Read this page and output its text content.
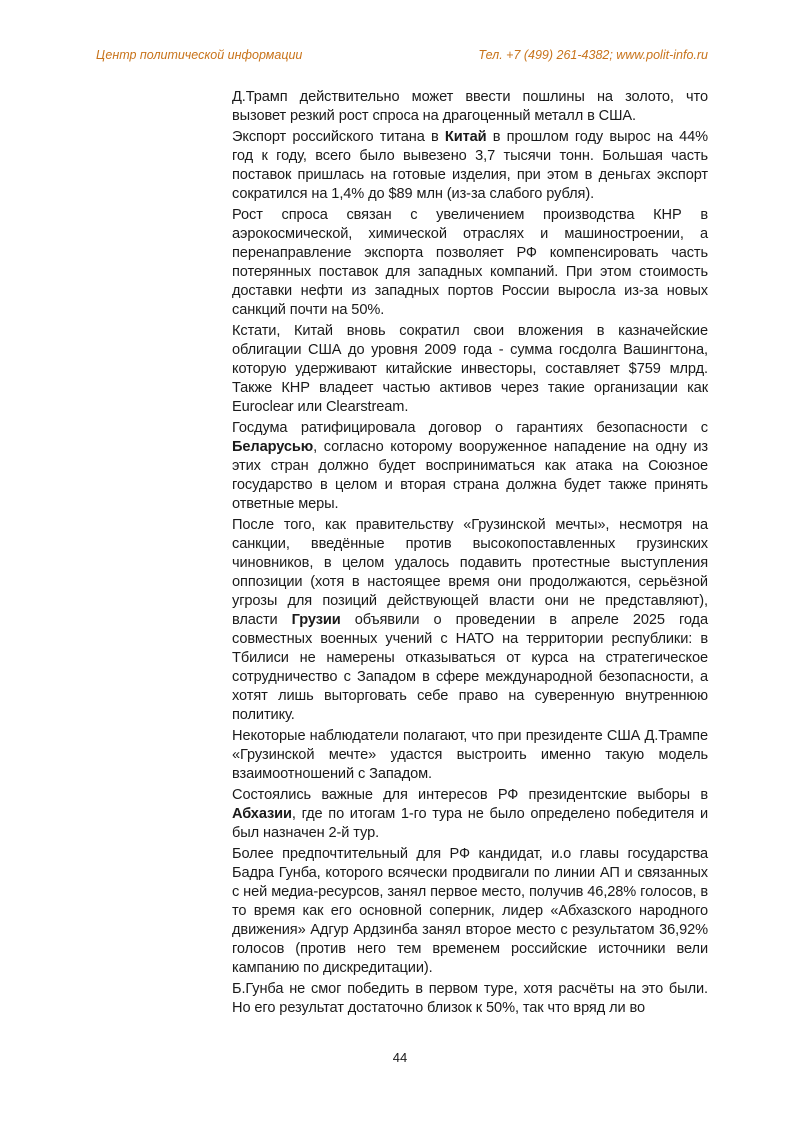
Центр политической информации	Тел. +7 (499) 261-4382; www.polit-info.ru

Д.Трамп действительно может ввести пошлины на золото, что вызовет резкий рост спроса на драгоценный металл в США.

Экспорт российского титана в Китай в прошлом году вырос на 44% год к году, всего было вывезено 3,7 тысячи тонн. Большая часть поставок пришлась на готовые изделия, при этом в деньгах экспорт сократился на 1,4% до $89 млн (из-за слабого рубля).

Рост спроса связан с увеличением производства КНР в аэрокосмической, химической отраслях и машиностроении, а перенаправление экспорта позволяет РФ компенсировать часть потерянных поставок для западных компаний. При этом стоимость доставки нефти из западных портов России выросла из-за новых санкций почти на 50%.

Кстати, Китай вновь сократил свои вложения в казначейские облигации США до уровня 2009 года - сумма госдолга Вашингтона, которую удерживают китайские инвесторы, составляет $759 млрд. Также КНР владеет частью активов через такие организации как Euroclear или Clearstream.

Госдума ратифицировала договор о гарантиях безопасности с Беларусью, согласно которому вооруженное нападение на одну из этих стран должно будет восприниматься как атака на Союзное государство в целом и вторая страна должна будет также принять ответные меры.

После того, как правительству «Грузинской мечты», несмотря на санкции, введённые против высокопоставленных грузинских чиновников, в целом удалось подавить протестные выступления оппозиции (хотя в настоящее время они продолжаются, серьёзной угрозы для позиций действующей власти они не представляют), власти Грузии объявили о проведении в апреле 2025 года совместных военных учений с НАТО на территории республики: в Тбилиси не намерены отказываться от курса на стратегическое сотрудничество с Западом в сфере международной безопасности, а хотят лишь выторговать себе право на суверенную внутреннюю политику.

Некоторые наблюдатели полагают, что при президенте США Д.Трампе «Грузинской мечте» удастся выстроить именно такую модель взаимоотношений с Западом.

Состоялись важные для интересов РФ президентские выборы в Абхазии, где по итогам 1-го тура не было определено победителя и был назначен 2-й тур.

Более предпочтительный для РФ кандидат, и.о главы государства Бадра Гунба, которого всячески продвигали по линии АП и связанных с ней медиа-ресурсов, занял первое место, получив 46,28% голосов, в то время как его основной соперник, лидер «Абхазского народного движения» Адгур Ардзинба занял второе место с результатом 36,92% голосов (против него тем временем российские источники вели кампанию по дискредитации).

Б.Гунба не смог победить в первом туре, хотя расчёты на это были. Но его результат достаточно близок к 50%, так что вряд ли во

44
